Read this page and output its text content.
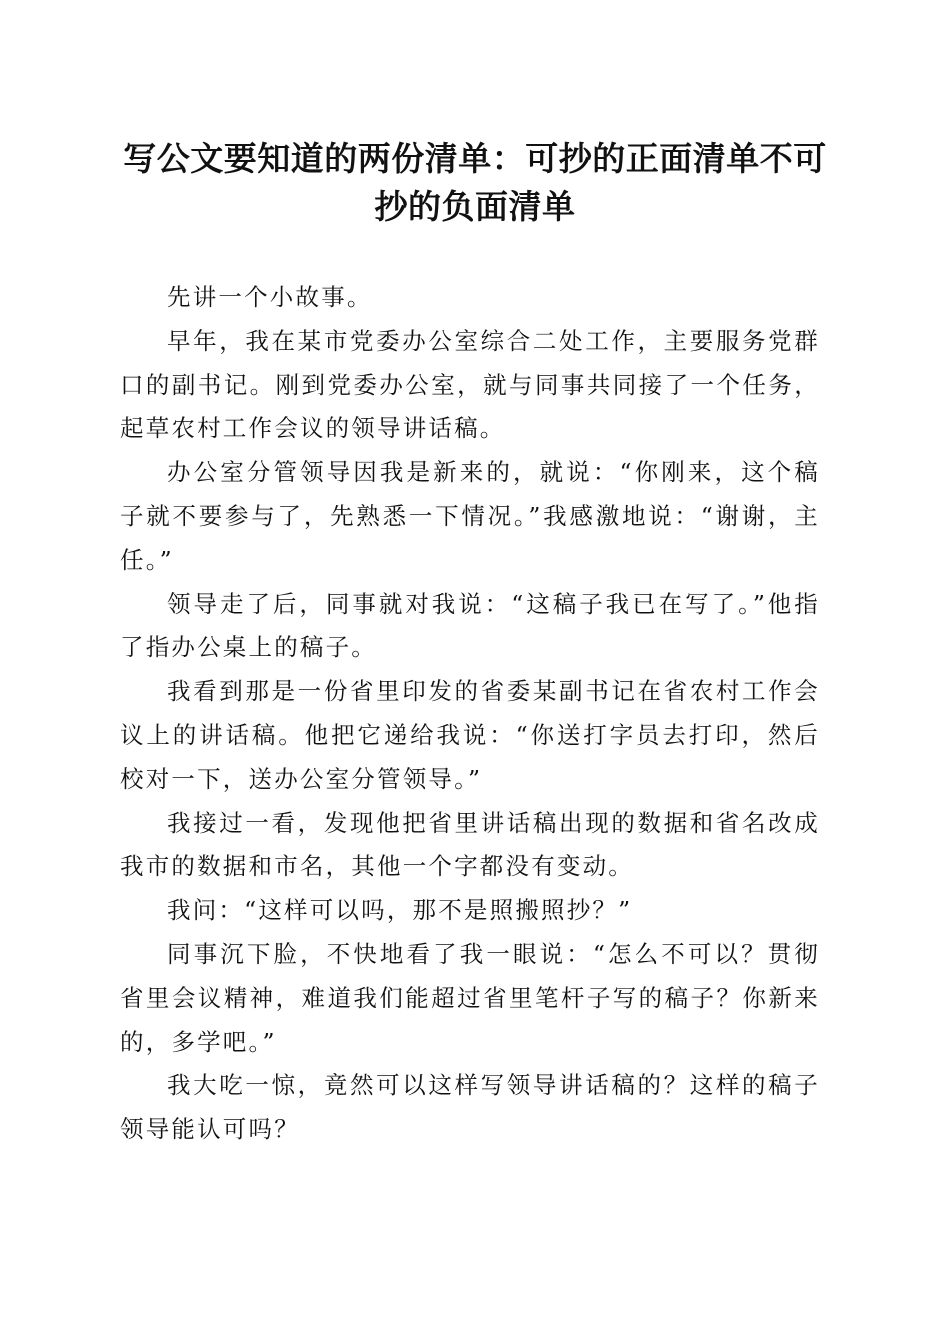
写公文要知道的两份清单：可抄的正面清单不可抄的负面清单

先讲一个小故事。

早年，我在某市党委办公室综合二处工作，主要服务党群口的副书记。刚到党委办公室，就与同事共同接了一个任务，起草农村工作会议的领导讲话稿。

办公室分管领导因我是新来的，就说：“你刚来，这个稿子就不要参与了，先熟悉一下情况。”我感激地说：“谢谢，主任。”

领导走了后，同事就对我说：“这稿子我已在写了。”他指了指办公桌上的稿子。

我看到那是一份省里印发的省委某副书记在省农村工作会议上的讲话稿。他把它递给我说：“你送打字员去打印，然后校对一下，送办公室分管领导。”

我接过一看，发现他把省里讲话稿出现的数据和省名改成我市的数据和市名，其他一个字都没有变动。

我问：“这样可以吗，那不是照搬照抄？”

同事沉下脸，不快地看了我一眼说：“怎么不可以？贯彻省里会议精神，难道我们能超过省里笔杆子写的稿子？你新来的，多学吧。”

我大吃一惊，竟然可以这样写领导讲话稿的？这样的稿子领导能认可吗？
